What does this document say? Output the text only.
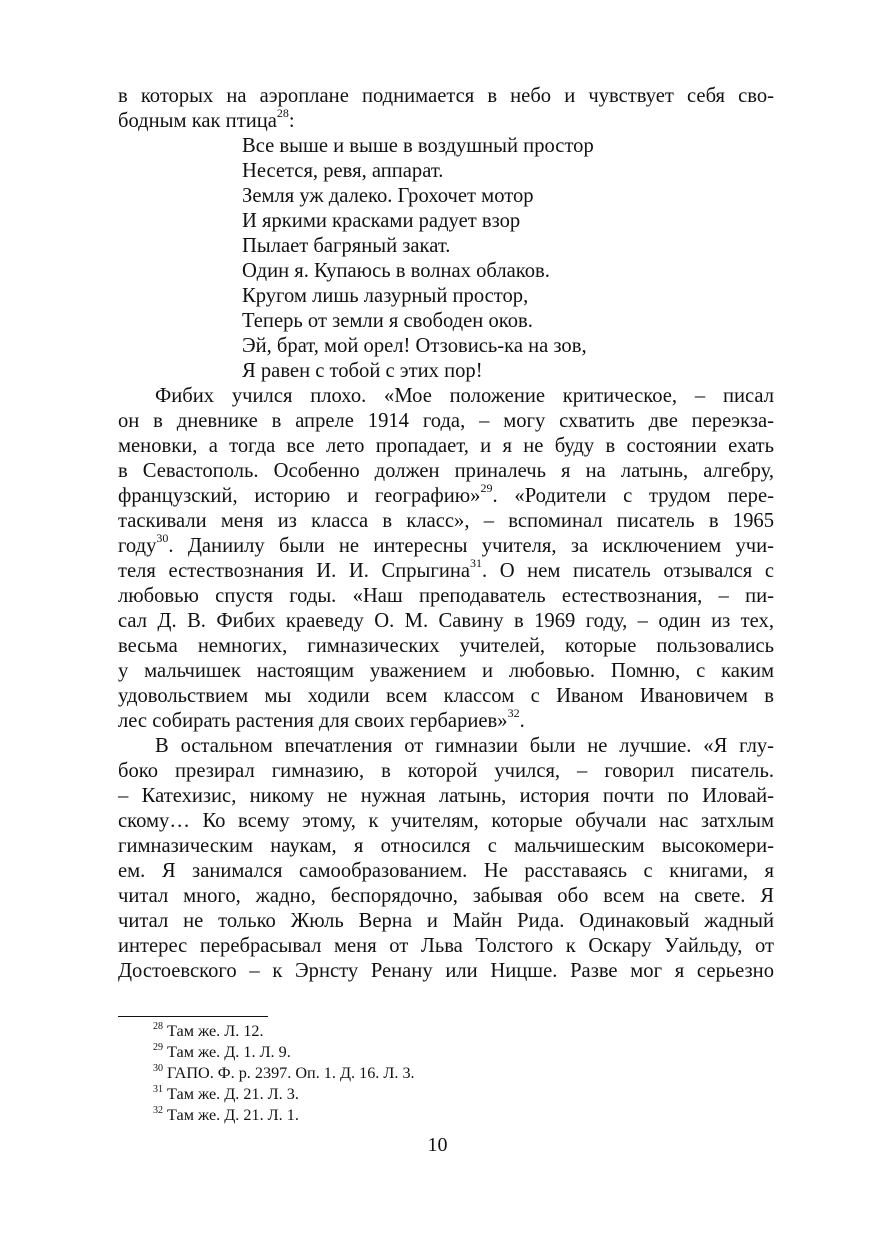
в которых на аэроплане поднимается в небо и чувствует себя сво-
бодным как птица$^{28}$:
Все выше и выше в воздушный простор
Несется, ревя, аппарат.
Земля уж далеко. Грохочет мотор
И яркими красками радует взор
Пылает багряный закат.
Один я. Купаюсь в волнах облаков.
Кругом лишь лазурный простор,
Теперь от земли я свободен оков.
Эй, брат, мой орел! Отзовись-ка на зов,
Я равен с тобой с этих пор!
Фибих учился плохо. «Мое положение критическое, – писал
он в дневнике в апреле 1914 года, – могу схватить две переэкза-
меновки, а тогда все лето пропадает, и я не буду в состоянии ехать
в Севастополь. Особенно должен приналечь я на латынь, алгебру,
французский, историю и географию»$^{29}$. «Родители с трудом пере-
таскивали меня из класса в класс», – вспоминал писатель в 1965
году$^{30}$. Даниилу были не интересны учителя, за исключением учи-
теля естествознания И. И. Спрыгина$^{31}$. О нем писатель отзывался с
любовью спустя годы. «Наш преподаватель естествознания, – пи-
сал Д. В. Фибих краеведу О. М. Савину в 1969 году, – один из тех,
весьма немногих, гимназических учителей, которые пользовались
у мальчишек настоящим уважением и любовью. Помню, с каким
удовольствием мы ходили всем классом с Иваном Ивановичем в
лес собирать растения для своих гербариев»$^{32}$.
В остальном впечатления от гимназии были не лучшие. «Я глу-
боко презирал гимназию, в которой учился, – говорил писатель.
– Катехизис, никому не нужная латынь, история почти по Иловай-
скому… Ко всему этому, к учителям, которые обучали нас затхлым
гимназическим наукам, я относился с мальчишеским высокомери-
ем. Я занимался самообразованием. Не расставаясь с книгами, я
читал много, жадно, беспорядочно, забывая обо всем на свете. Я
читал не только Жюль Верна и Майн Рида. Одинаковый жадный
интерес перебрасывал меня от Льва Толстого к Оскару Уайльду, от
Достоевского – к Эрнсту Ренану или Ницше. Разве мог я серьезно
$^{28}$ Там же. Л. 12.
$^{29}$ Там же. Д. 1. Л. 9.
$^{30}$ ГАПО. Ф. р. 2397. Оп. 1. Д. 16. Л. 3.
$^{31}$ Там же. Д. 21. Л. 3.
$^{32}$ Там же. Д. 21. Л. 1.
10
